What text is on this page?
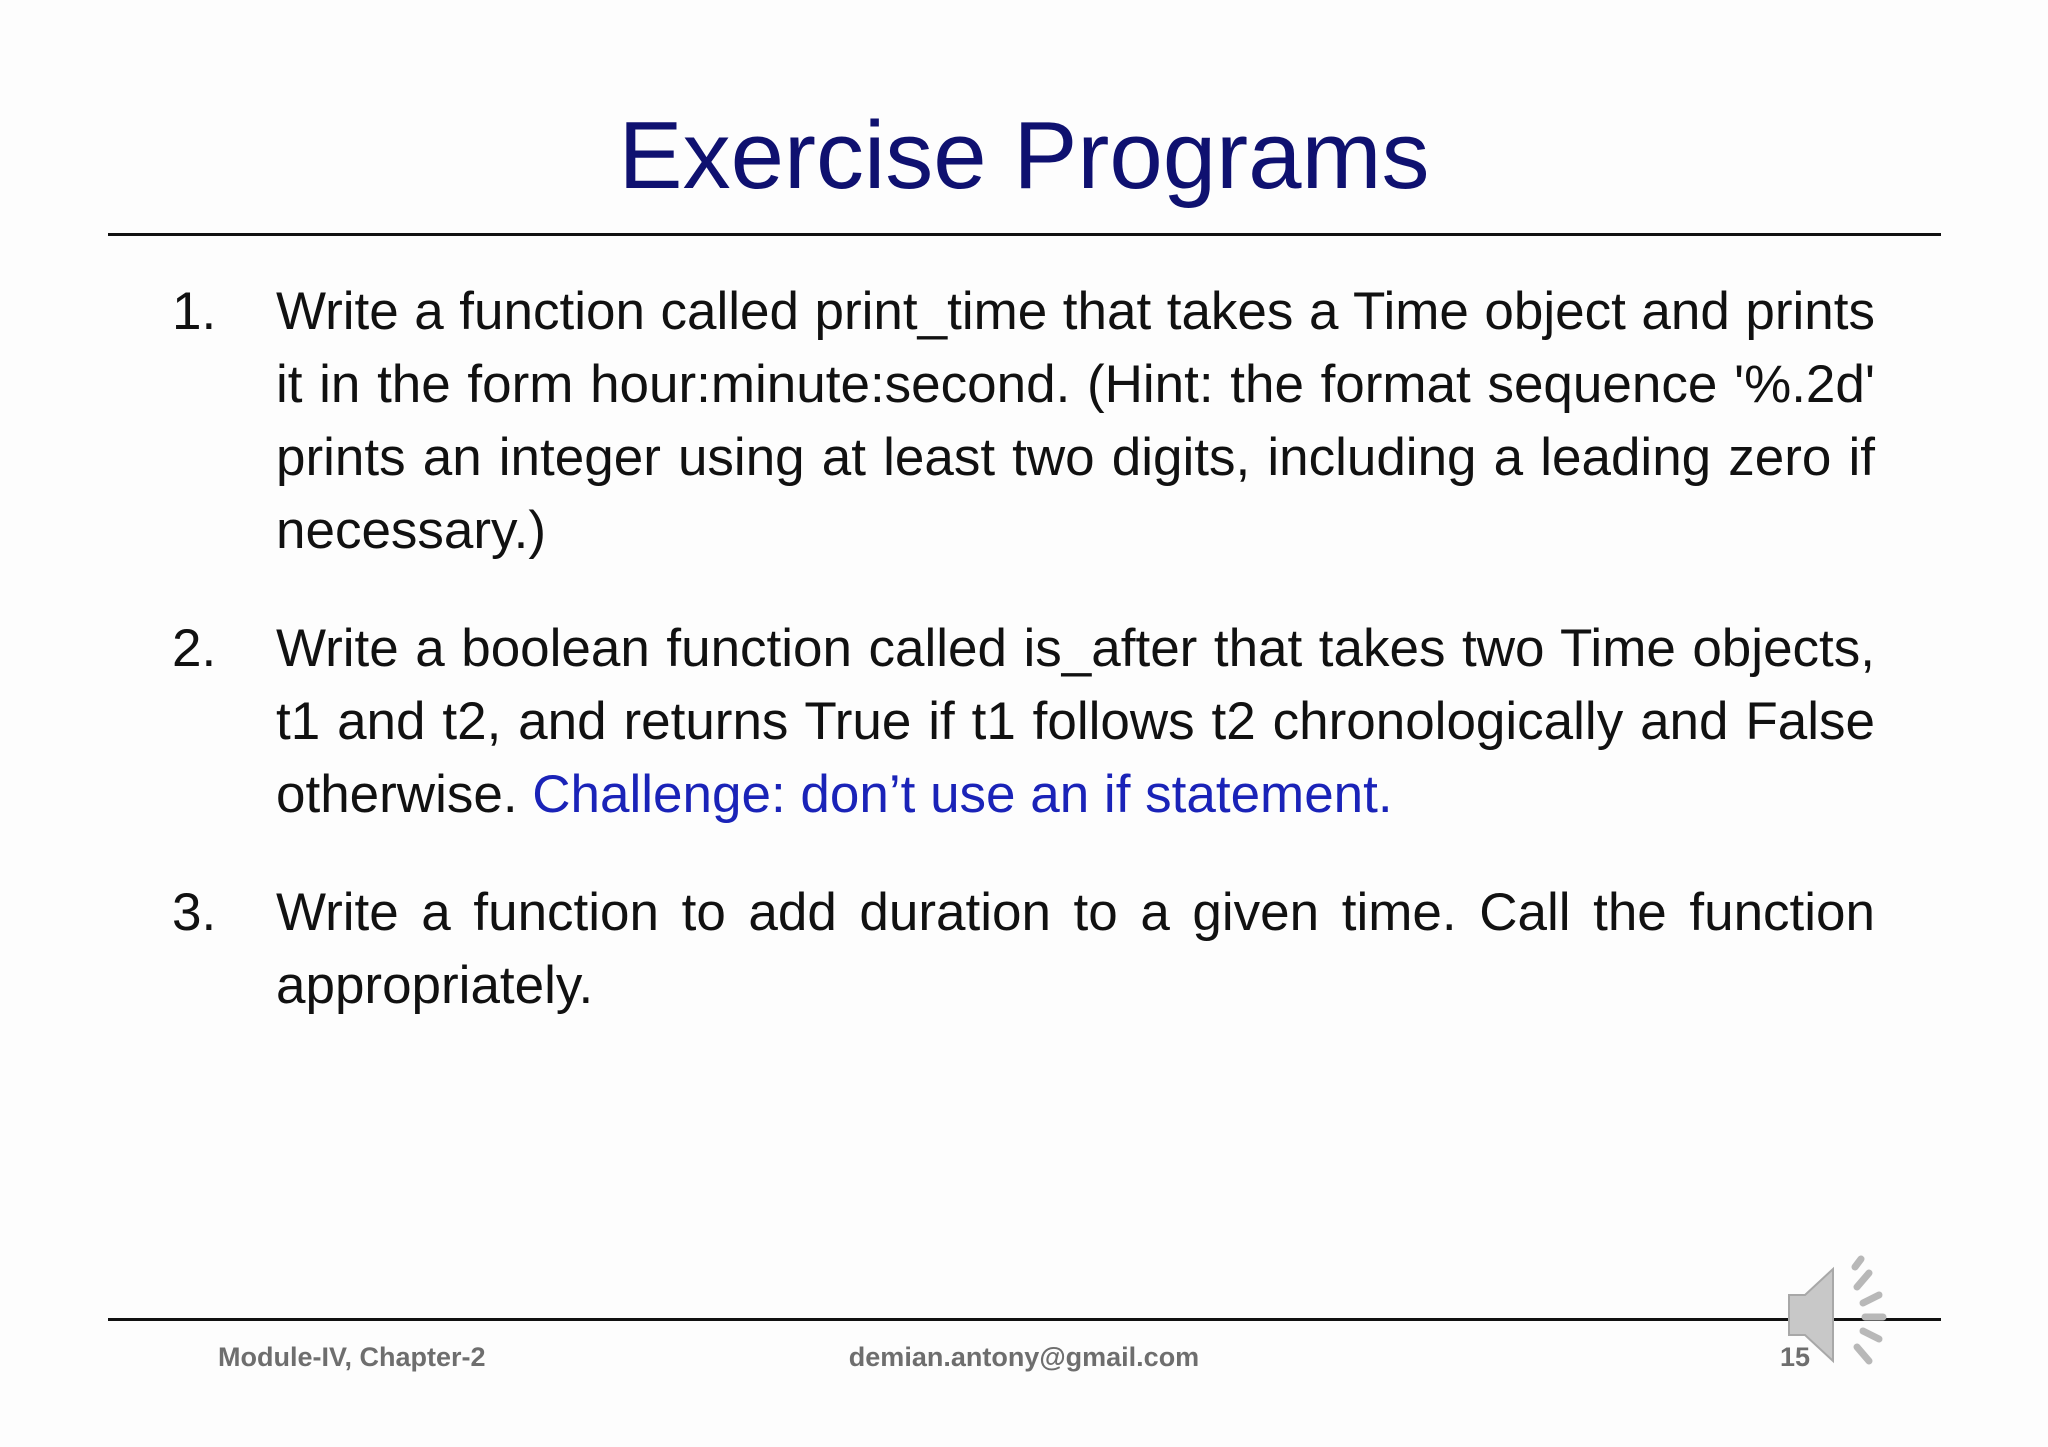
Exercise Programs
1. Write a function called print_time that takes a Time object and prints it in the form hour:minute:second. (Hint: the format sequence '%.2d' prints an integer using at least two digits, including a leading zero if necessary.)
2. Write a boolean function called is_after that takes two Time objects, t1 and t2, and returns True if t1 follows t2 chronologically and False otherwise. Challenge: don’t use an if statement.
3. Write a function to add duration to a given time. Call the function appropriately.
Module-IV, Chapter-2	demian.antony@gmail.com	15
